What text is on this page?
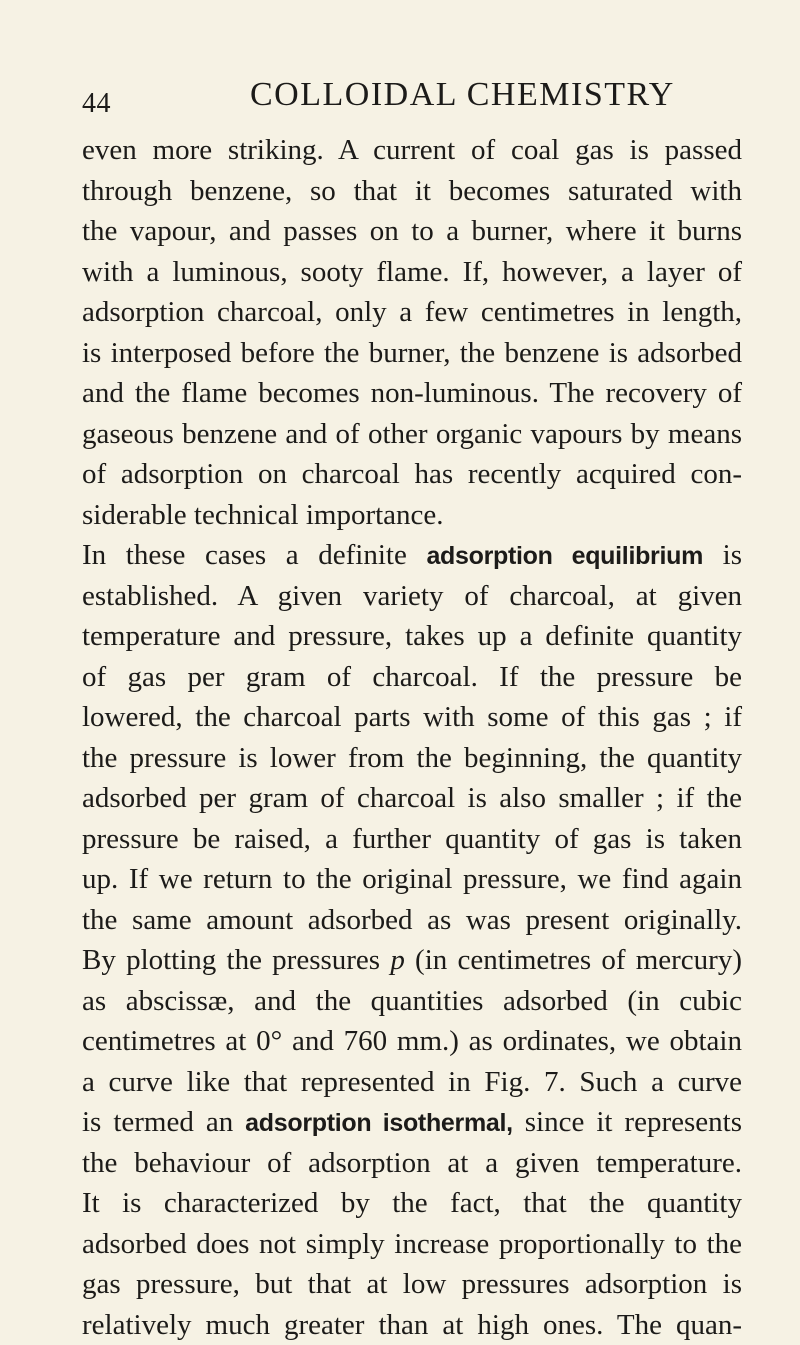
44	COLLOIDAL CHEMISTRY
even more striking. A current of coal gas is passed
through benzene, so that it becomes saturated with
the vapour, and passes on to a burner, where it burns
with a luminous, sooty flame. If, however, a layer of
adsorption charcoal, only a few centimetres in length,
is interposed before the burner, the benzene is adsorbed
and the flame becomes non-luminous. The recovery of
gaseous benzene and of other organic vapours by means
of adsorption on charcoal has recently acquired con-
siderable technical importance.
In these cases a definite adsorption equilibrium is
established. A given variety of charcoal, at given
temperature and pressure, takes up a definite quantity
of gas per gram of charcoal. If the pressure be
lowered, the charcoal parts with some of this gas ; if
the pressure is lower from the beginning, the quantity
adsorbed per gram of charcoal is also smaller ; if the
pressure be raised, a further quantity of gas is taken
up. If we return to the original pressure, we find again
the same amount adsorbed as was present originally.
By plotting the pressures p (in centimetres of mercury)
as abscissæ, and the quantities adsorbed (in cubic
centimetres at 0° and 760 mm.) as ordinates, we obtain
a curve like that represented in Fig. 7. Such a curve
is termed an adsorption isothermal, since it represents
the behaviour of adsorption at a given temperature.
It is characterized by the fact, that the quantity
adsorbed does not simply increase proportionally to the
gas pressure, but that at low pressures adsorption is
relatively much greater than at high ones. The quan-
